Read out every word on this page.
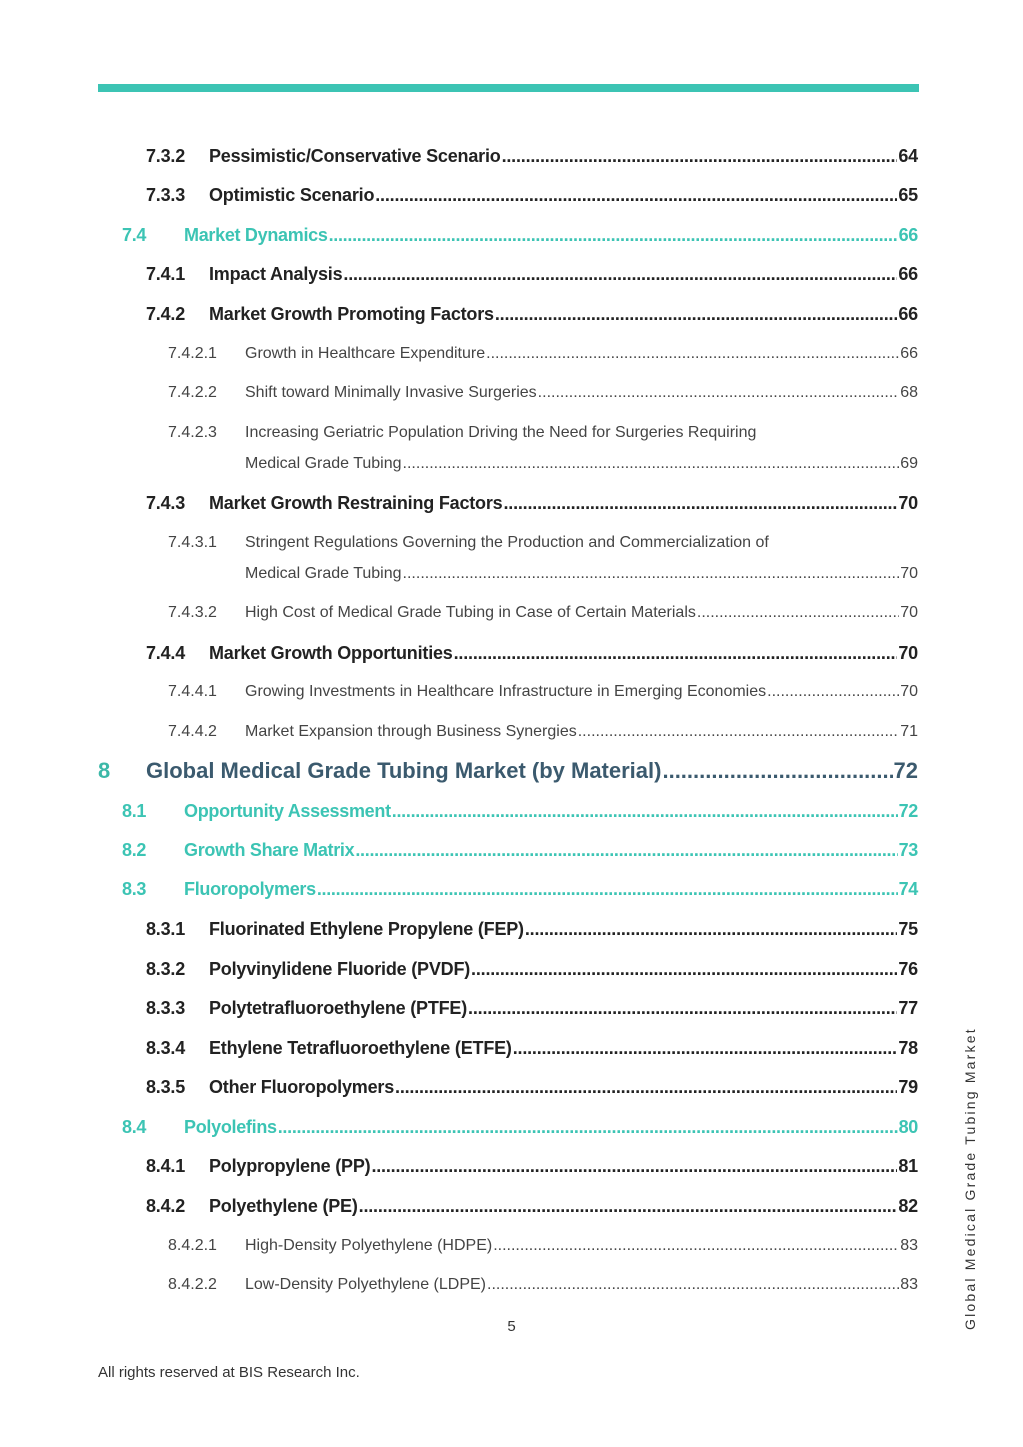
7.3.2	Pessimistic/Conservative Scenario .....	64
7.3.3	Optimistic Scenario .....	65
7.4	Market Dynamics .....	66
7.4.1	Impact Analysis .....	66
7.4.2	Market Growth Promoting Factors .....	66
7.4.2.1	Growth in Healthcare Expenditure .....	66
7.4.2.2	Shift toward Minimally Invasive Surgeries .....	68
7.4.2.3 Increasing Geriatric Population Driving the Need for Surgeries Requiring
Medical Grade Tubing .....	69
7.4.3	Market Growth Restraining Factors .....	70
7.4.3.1 Stringent Regulations Governing the Production and Commercialization of
Medical Grade Tubing .....	70
7.4.3.2	High Cost of Medical Grade Tubing in Case of Certain Materials .....	70
7.4.4	Market Growth Opportunities .....	70
7.4.4.1	Growing Investments in Healthcare Infrastructure in Emerging Economies .....	70
7.4.4.2	Market Expansion through Business Synergies .....	71
8	Global Medical Grade Tubing Market (by Material) .....	72
8.1	Opportunity Assessment .....	72
8.2	Growth Share Matrix .....	73
8.3	Fluoropolymers .....	74
8.3.1	Fluorinated Ethylene Propylene (FEP) .....	75
8.3.2	Polyvinylidene Fluoride (PVDF) .....	76
8.3.3	Polytetrafluoroethylene (PTFE) .....	77
8.3.4	Ethylene Tetrafluoroethylene (ETFE) .....	78
8.3.5	Other Fluoropolymers .....	79
8.4	Polyolefins .....	80
8.4.1	Polypropylene (PP) .....	81
8.4.2	Polyethylene (PE) .....	82
8.4.2.1	High-Density Polyethylene (HDPE) .....	83
8.4.2.2	Low-Density Polyethylene (LDPE) .....	83
5
All rights reserved at BIS Research Inc.
Global Medical Grade Tubing Market
